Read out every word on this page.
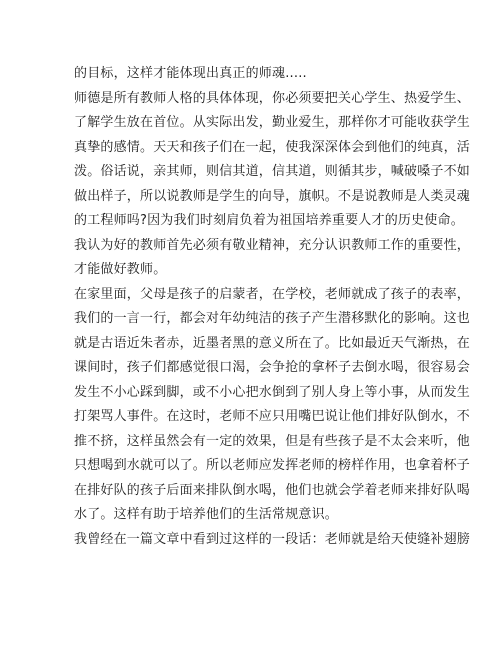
的目标，这样才能体现出真正的师魂.....
师德是所有教师人格的具体体现，你必须要把关心学生、热爱学生、
了解学生放在首位。从实际出发，勤业爱生，那样你才可能收获学生
真挚的感情。天天和孩子们在一起，使我深深体会到他们的纯真，活
泼。俗话说，亲其师，则信其道，信其道，则循其步，喊破嗓子不如
做出样子，所以说教师是学生的向导，旗帜。不是说教师是人类灵魂
的工程师吗?因为我们时刻肩负着为祖国培养重要人才的历史使命。
我认为好的教师首先必须有敬业精神，充分认识教师工作的重要性，
才能做好教师。
在家里面，父母是孩子的启蒙者，在学校，老师就成了孩子的表率，
我们的一言一行，都会对年幼纯洁的孩子产生潜移默化的影响。这也
就是古语近朱者赤，近墨者黑的意义所在了。比如最近天气渐热，在
课间时，孩子们都感觉很口渴，会争抢的拿杯子去倒水喝，很容易会
发生不小心踩到脚，或不小心把水倒到了别人身上等小事，从而发生
打架骂人事件。在这时，老师不应只用嘴巴说让他们排好队倒水，不
推不挤，这样虽然会有一定的效果，但是有些孩子是不太会来听，他
只想喝到水就可以了。所以老师应发挥老师的榜样作用，也拿着杯子
在排好队的孩子后面来排队倒水喝，他们也就会学着老师来排好队喝
水了。这样有助于培养他们的生活常规意识。
我曾经在一篇文章中看到过这样的一段话：老师就是给天使缝补翅膀
